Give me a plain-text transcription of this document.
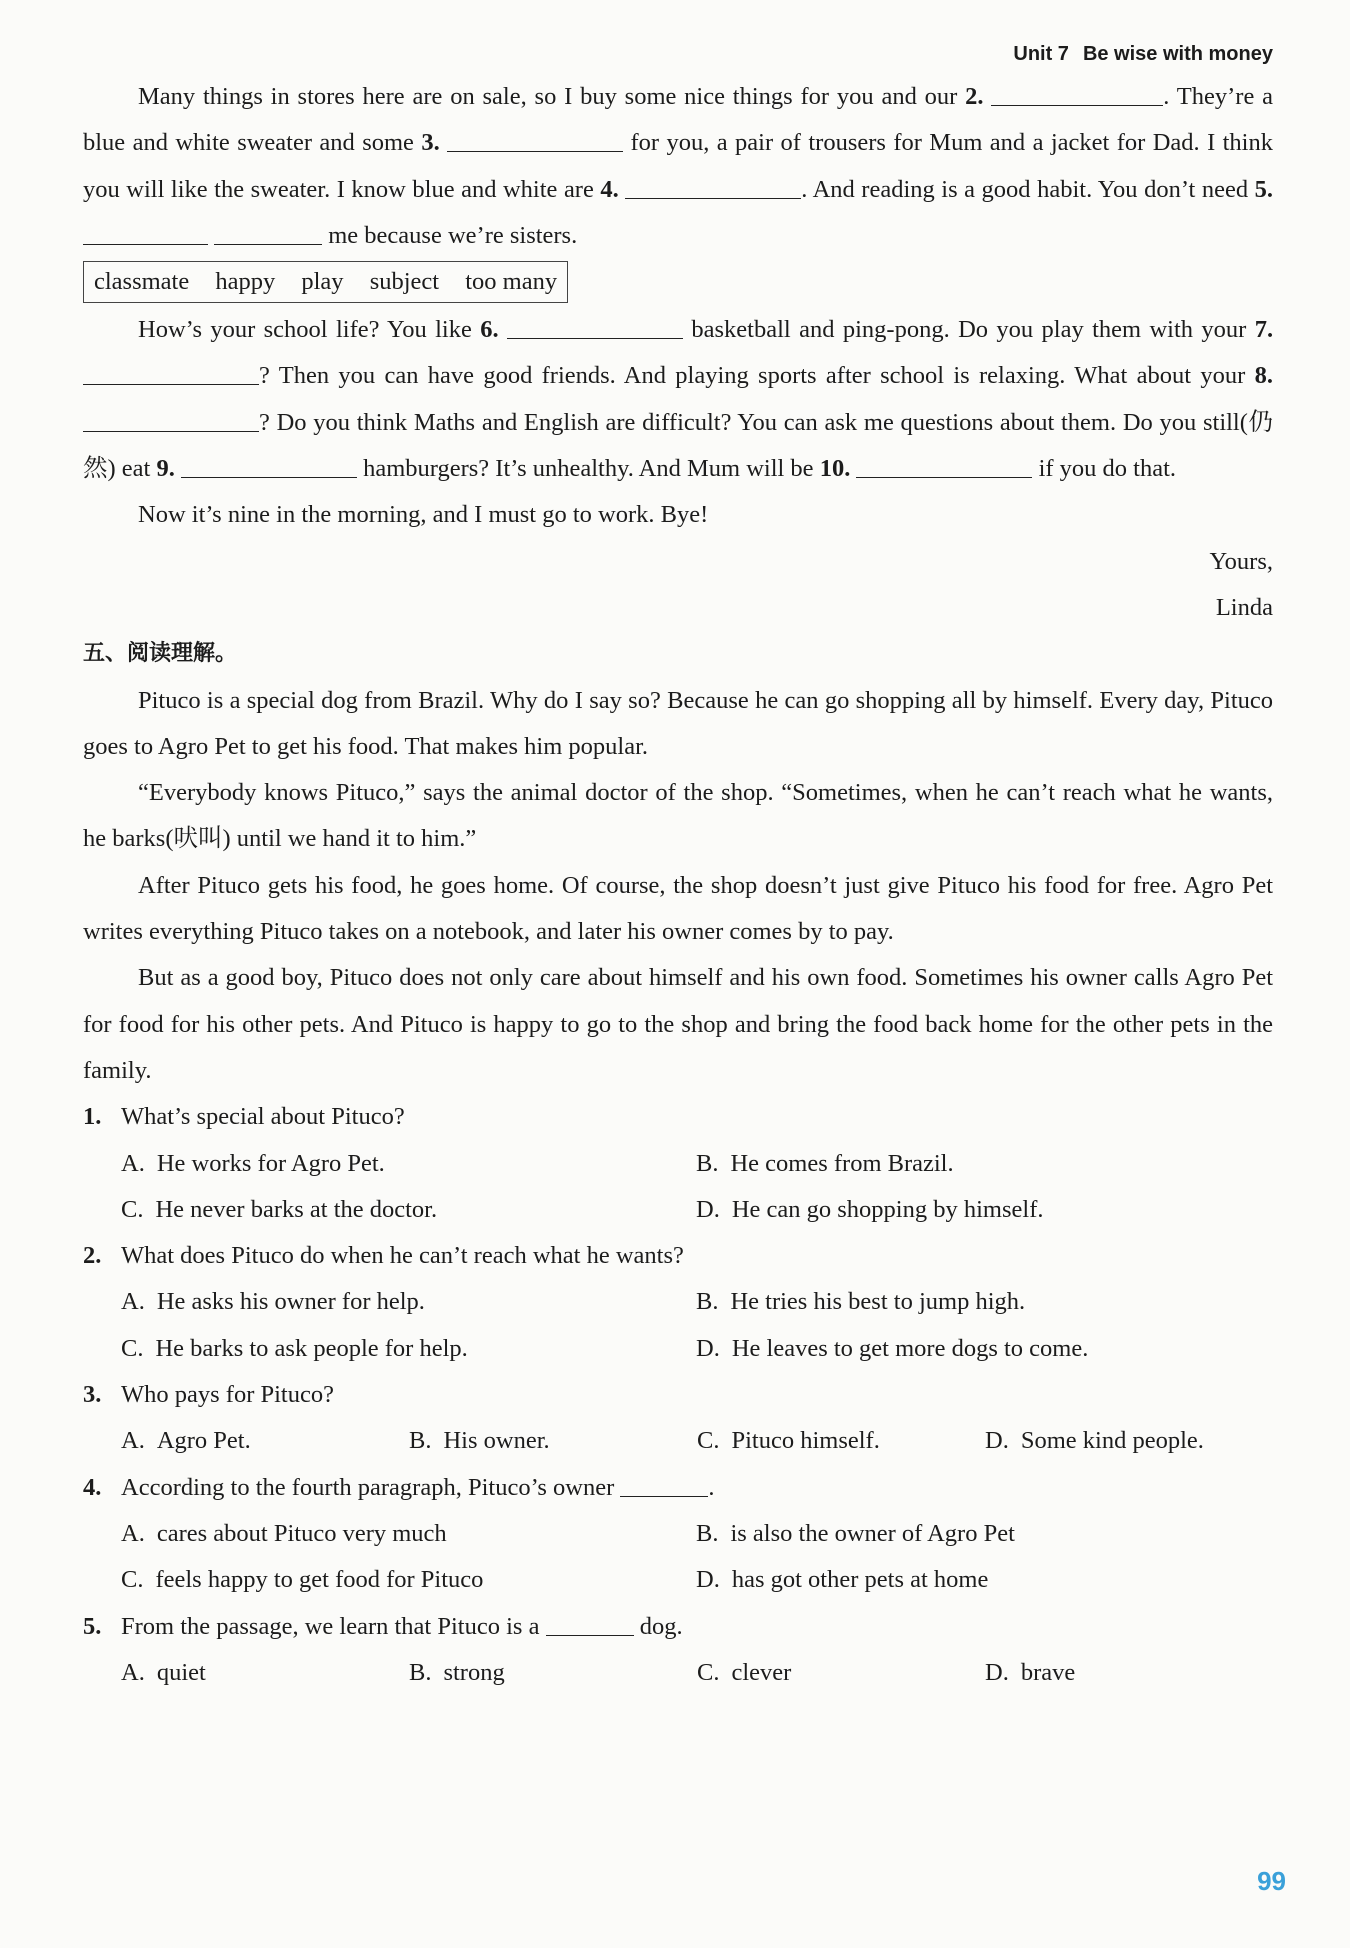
Unit 7 Be wise with money

Many things in stores here are on sale, so I buy some nice things for you and our 2.	. They’re a blue and white sweater and some 3.	for you, a pair of trousers for Mum and a jacket for Dad. I think you will like the sweater. I know blue and white are 4.	. And reading is a good habit. You don’t need 5.   me because we’re sisters.

classmate happy play subject too many

How’s your school life? You like 6.	basketball and ping-pong. Do you play them with your 7. ? Then you can have good friends. And playing sports after school is relaxing. What about your 8. ? Do you think Maths and English are difficult? You can ask me questions about them. Do you still(仍然) eat 9.	hamburgers? It’s unhealthy. And Mum will be 10.	if you do that.

Now it’s nine in the morning, and I must go to work. Bye!

Yours,
Linda
五、阅读理解。

Pituco is a special dog from Brazil. Why do I say so? Because he can go shopping all by himself. Every day, Pituco goes to Agro Pet to get his food. That makes him popular.

“Everybody knows Pituco,” says the animal doctor of the shop. “Sometimes, when he can’t reach what he wants, he barks(吠叫) until we hand it to him.”

After Pituco gets his food, he goes home. Of course, the shop doesn’t just give Pituco his food for free. Agro Pet writes everything Pituco takes on a notebook, and later his owner comes by to pay.

But as a good boy, Pituco does not only care about himself and his own food. Sometimes his owner calls Agro Pet for food for his other pets. And Pituco is happy to go to the shop and bring the food back home for the other pets in the family.

1. What’s special about Pituco?
A. He works for Agro Pet.	B. He comes from Brazil.
C. He never barks at the doctor.	D. He can go shopping by himself.
2. What does Pituco do when he can’t reach what he wants?
A. He asks his owner for help.	B. He tries his best to jump high.
C. He barks to ask people for help.	D. He leaves to get more dogs to come.
3. Who pays for Pituco?
A. Agro Pet.	B. His owner.	C. Pituco himself.	D. Some kind people.
4. According to the fourth paragraph, Pituco’s owner	.
A. cares about Pituco very much	B. is also the owner of Agro Pet
C. feels happy to get food for Pituco	D. has got other pets at home
5. From the passage, we learn that Pituco is a	dog.
A. quiet	B. strong	C. clever	D. brave
99
